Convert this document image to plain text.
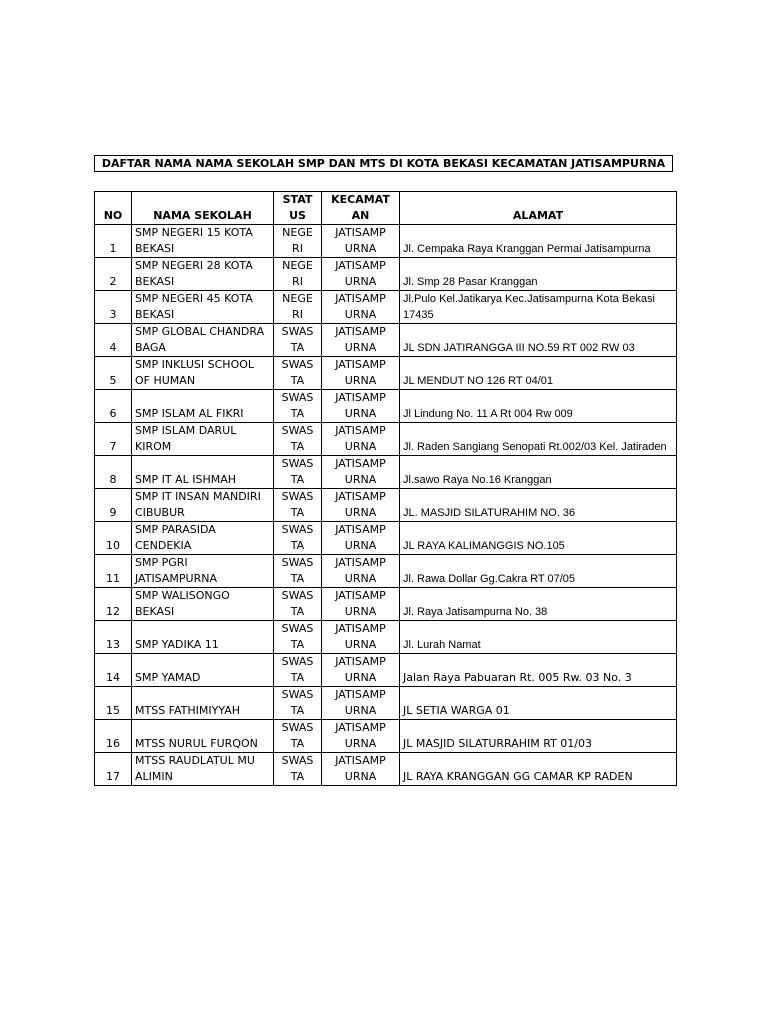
DAFTAR NAMA NAMA SEKOLAH SMP DAN MTS DI KOTA BEKASI KECAMATAN JATISAMPURNA
NO	NAMA SEKOLAH	STAT US	KECAMAT AN	ALAMAT
1	SMP NEGERI 15 KOTA BEKASI	NEGE RI	JATISAMP URNA	Jl. Cempaka Raya Kranggan Permai Jatisampurna
2	SMP NEGERI 28 KOTA BEKASI	NEGE RI	JATISAMP URNA	Jl. Smp 28 Pasar Kranggan
3	SMP NEGERI 45 KOTA BEKASI	NEGE RI	JATISAMP URNA	Jl.Pulo Kel.Jatikarya Kec.Jatisampurna Kota Bekasi 17435
4	SMP GLOBAL CHANDRA BAGA	SWAS TA	JATISAMP URNA	JL SDN JATIRANGGA III NO.59 RT 002 RW 03
5	SMP INKLUSI SCHOOL OF HUMAN	SWAS TA	JATISAMP URNA	JL MENDUT NO 126 RT 04/01
6	SMP ISLAM AL FIKRI	SWAS TA	JATISAMP URNA	Jl Lindung No. 11 A Rt 004 Rw 009
7	SMP ISLAM DARUL KIROM	SWAS TA	JATISAMP URNA	Jl. Raden Sangiang Senopati Rt.002/03 Kel. Jatiraden
8	SMP IT AL ISHMAH	SWAS TA	JATISAMP URNA	Jl.sawo Raya No.16 Kranggan
9	SMP IT INSAN MANDIRI CIBUBUR	SWAS TA	JATISAMP URNA	JL. MASJID SILATURAHIM NO. 36
10	SMP PARASIDA CENDEKIA	SWAS TA	JATISAMP URNA	JL RAYA KALIMANGGIS NO.105
11	SMP PGRI JATISAMPURNA	SWAS TA	JATISAMP URNA	Jl. Rawa Dollar Gg.Cakra RT 07/05
12	SMP WALISONGO BEKASI	SWAS TA	JATISAMP URNA	Jl. Raya Jatisampurna No. 38
13	SMP YADIKA 11	SWAS TA	JATISAMP URNA	Jl. Lurah Namat
14	SMP YAMAD	SWAS TA	JATISAMP URNA	Jalan Raya Pabuaran Rt. 005 Rw. 03 No. 3
15	MTSS FATHIMIYYAH	SWAS TA	JATISAMP URNA	JL SETIA WARGA 01
16	MTSS NURUL FURQON	SWAS TA	JATISAMP URNA	JL MASJID SILATURRAHIM RT 01/03
17	MTSS RAUDLATUL MU ALIMIN	SWAS TA	JATISAMP URNA	JL RAYA KRANGGAN GG CAMAR KP RADEN
